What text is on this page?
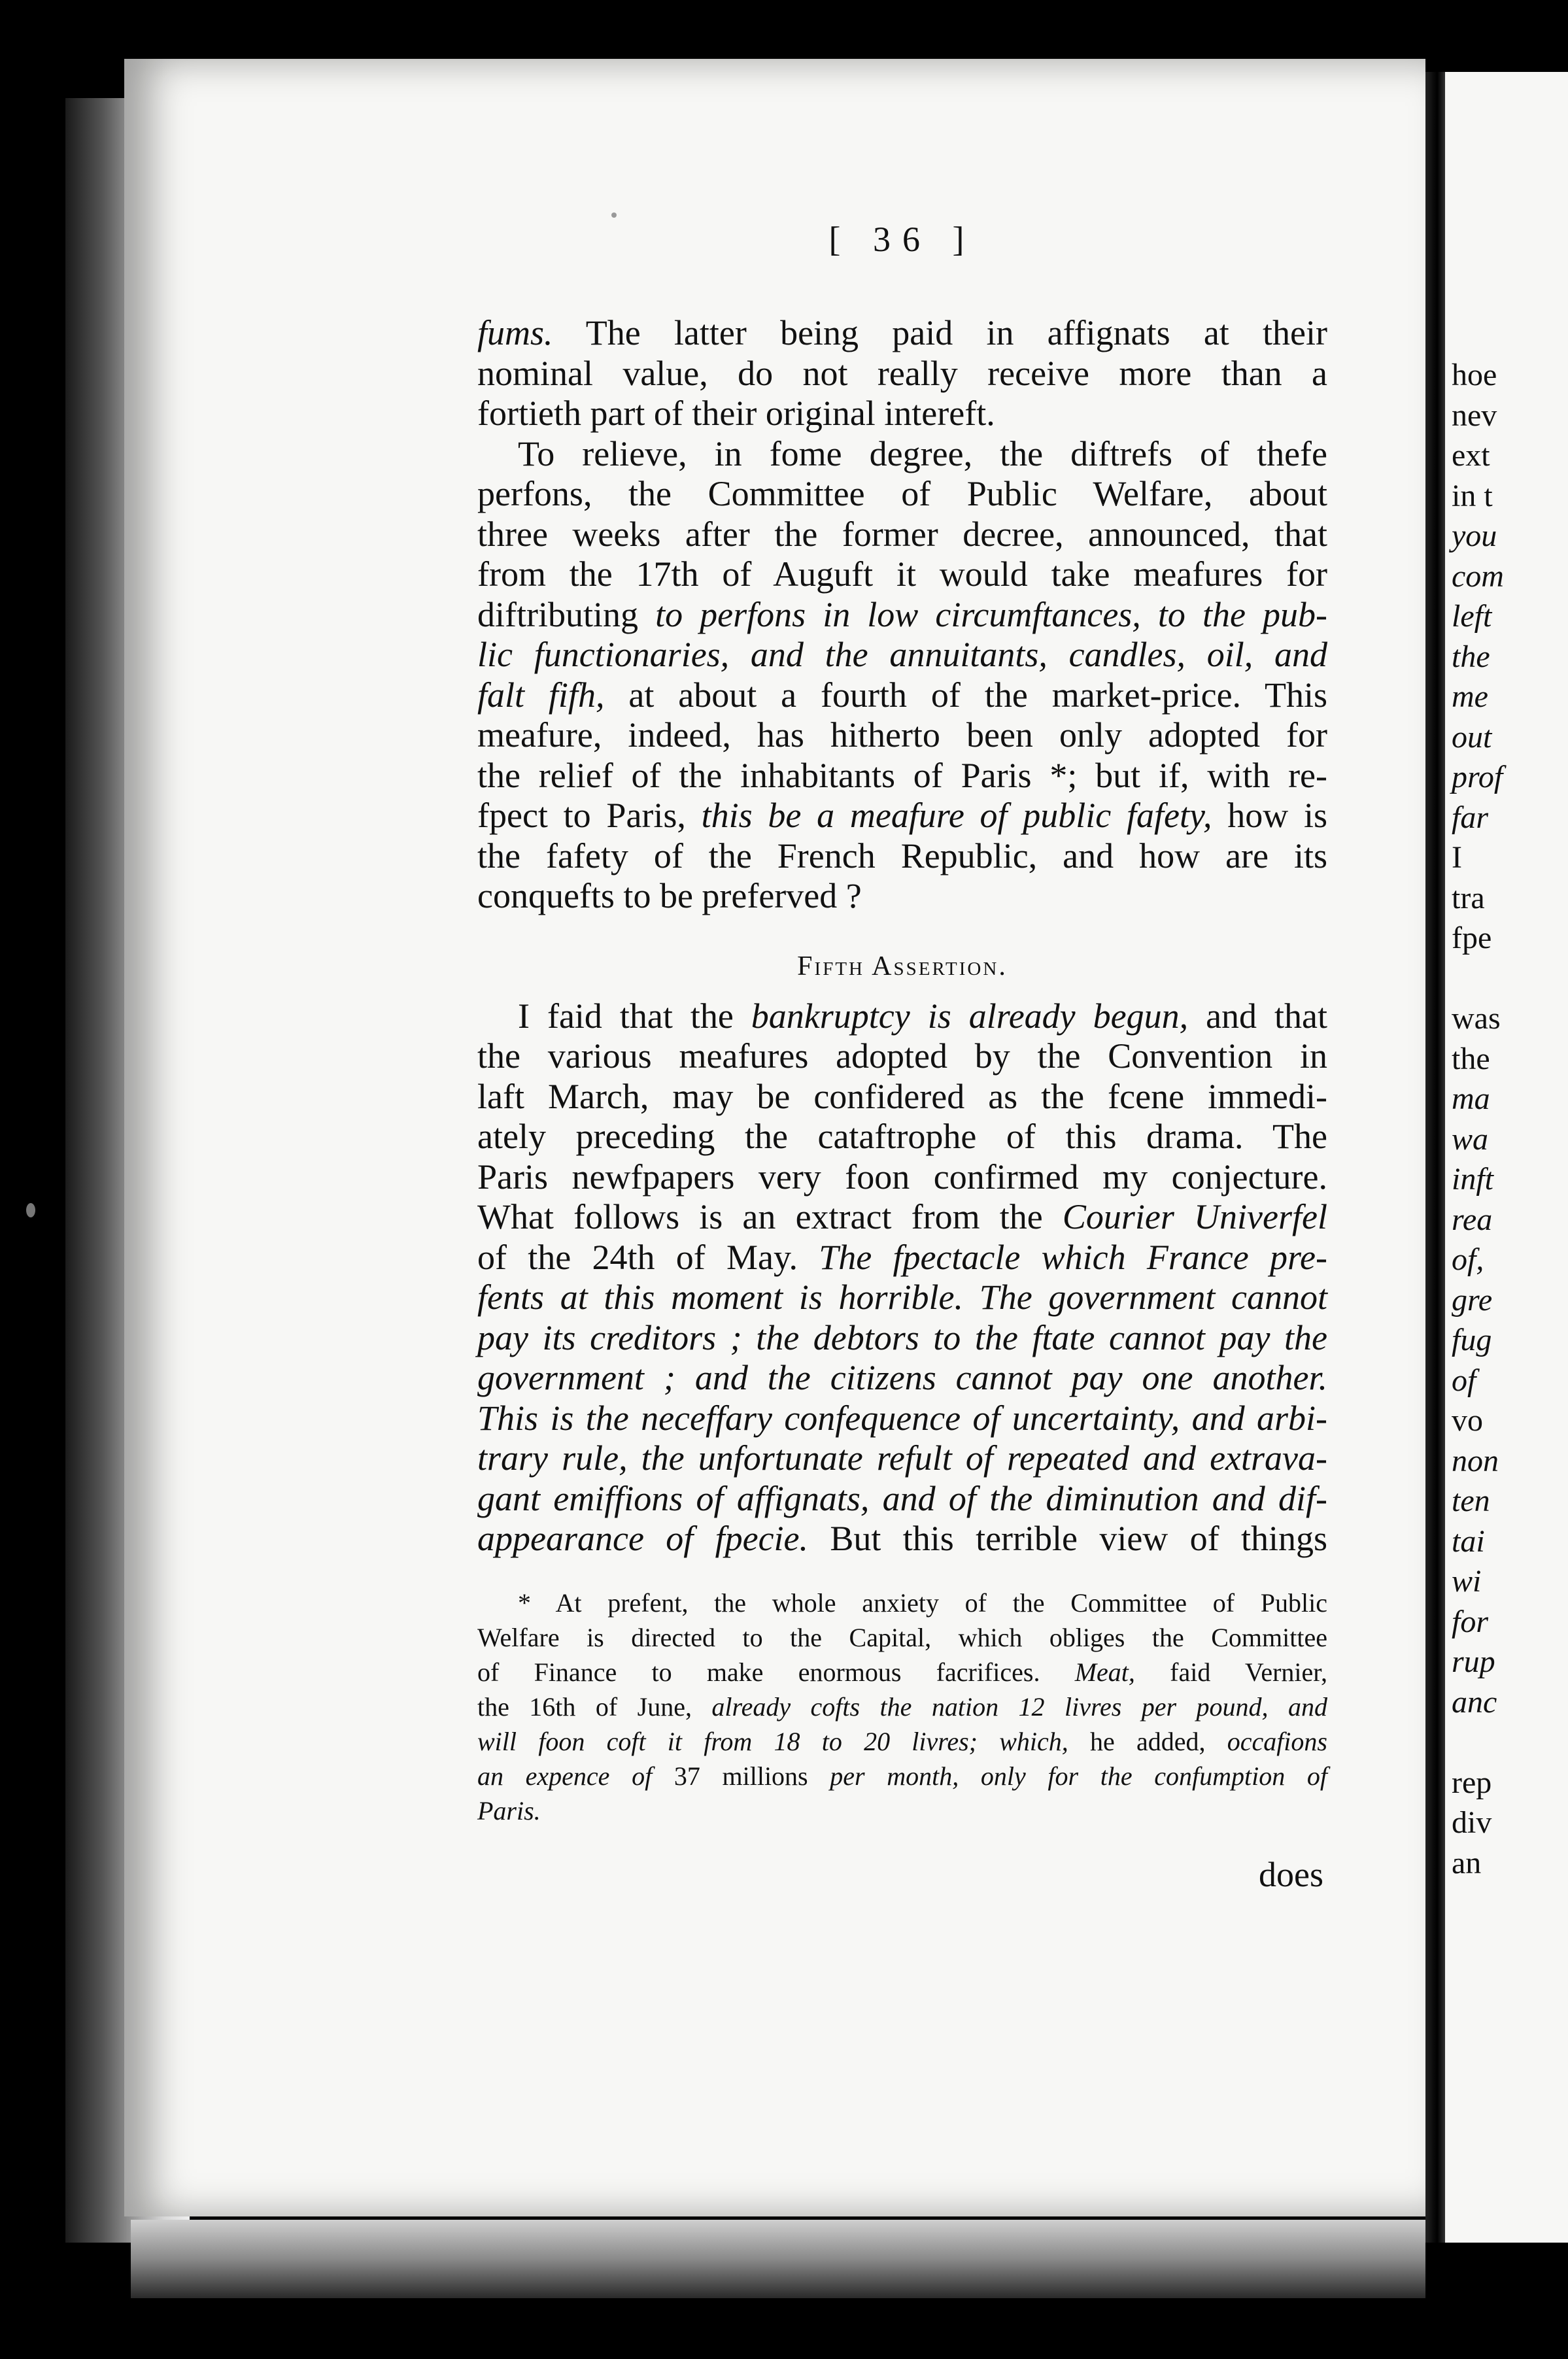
hoe
nev
ext
in t
you
com
left
the
me
out
prof
far
I
tra
fpe
was
the
ma
wa
inft
rea
of,
gre
fug
of
vo
non
ten
tai
wi
for
rup
anc
rep
div
an
[ 36 ]
fums. The latter being paid in affignats at their
nominal value, do not really receive more than a
fortieth part of their original intereft.
To relieve, in fome degree, the diftrefs of thefe
perfons, the Committee of Public Welfare, about
three weeks after the former decree, announced, that
from the 17th of Auguft it would take meafures for
diftributing to perfons in low circumftances, to the pub-
lic functionaries, and the annuitants, candles, oil, and
falt fifh, at about a fourth of the market-price. This
meafure, indeed, has hitherto been only adopted for
the relief of the inhabitants of Paris *; but if, with re-
fpect to Paris, this be a meafure of public fafety, how is
the fafety of the French Republic, and how are its
conquefts to be preferved ?
Fifth Assertion.
I faid that the bankruptcy is already begun, and that
the various meafures adopted by the Convention in
laft March, may be confidered as the fcene immedi-
ately preceding the cataftrophe of this drama. The
Paris newfpapers very foon confirmed my conjecture.
What follows is an extract from the Courier Univerfel
of the 24th of May. The fpectacle which France pre-
fents at this moment is horrible. The government cannot
pay its creditors ; the debtors to the ftate cannot pay the
government ; and the citizens cannot pay one another.
This is the neceffary confequence of uncertainty, and arbi-
trary rule, the unfortunate refult of repeated and extrava-
gant emiffions of affignats, and of the diminution and dif-
appearance of fpecie. But this terrible view of things
* At prefent, the whole anxiety of the Committee of Public
Welfare is directed to the Capital, which obliges the Committee
of Finance to make enormous facrifices. Meat, faid Vernier,
the 16th of June, already cofts the nation 12 livres per pound, and
will foon coft it from 18 to 20 livres; which, he added, occafions
an expence of 37 millions per month, only for the confumption of
Paris.
does
